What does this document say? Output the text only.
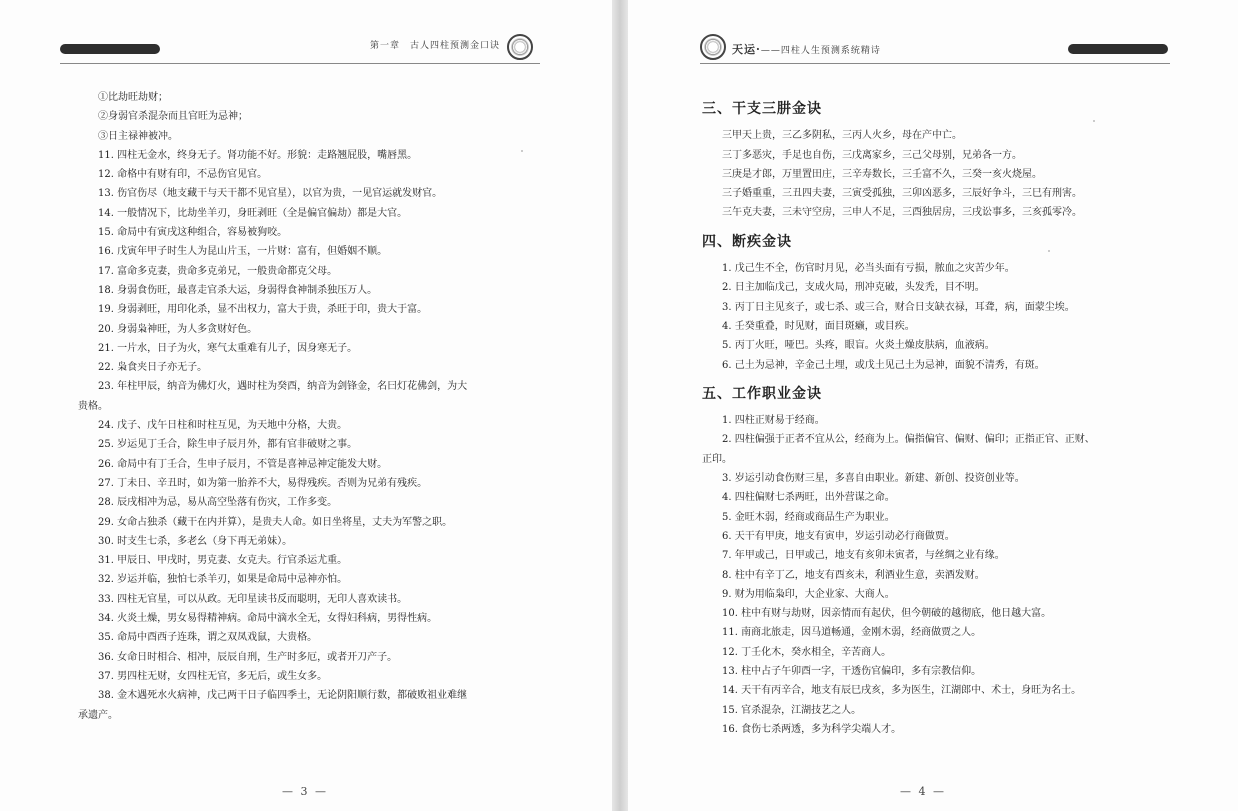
第一章　古人四柱预测金口诀

①比劫旺劫财；

②身弱官杀混杂而且官旺为忌神；

③日主禄神被冲。

11. 四柱无金水，终身无子。肾功能不好。形貌：走路翘屁股，嘴唇黑。

12. 命格中有财有印，不忌伤官见官。

13. 伤官伤尽（地支藏干与天干都不见官星），以官为贵，一见官运就发财官。

14. 一般情况下，比劫坐羊刃，身旺剥旺（全是偏官偏劫）都是大官。

15. 命局中有寅戌这种组合，容易被狗咬。

16. 戊寅年甲子时生人为昆山片玉，一片财：富有，但婚姻不顺。

17. 富命多克妻，贵命多克弟兄，一般贵命都克父母。

18. 身弱食伤旺，最喜走官杀大运，身弱得食神制杀独压万人。

19. 身弱剥旺，用印化杀，显不出权力，富大于贵，杀旺于印，贵大于富。

20. 身弱枭神旺，为人多贪财好色。

21. 一片水，日子为火，寒气太重难有儿子，因身寒无子。

22. 枭食夹日子亦无子。

23. 年柱甲辰，纳音为佛灯火，遇时柱为癸酉，纳音为剑锋金，名曰灯花佛剑，为大

贵格。

24. 戊子、戊午日柱和时柱互见，为天地中分格，大贵。

25. 岁运见丁壬合，除生申子辰月外，都有官非破财之事。

26. 命局中有丁壬合，生申子辰月，不管是喜神忌神定能发大财。

27. 丁未日、辛丑时，如为第一胎养不大，易得残疾。否则为兄弟有残疾。

28. 辰戌相冲为忌，易从高空坠落有伤灾，工作多变。

29. 女命占独杀（藏干在内并算），是贵夫人命。如日坐将星，丈夫为军警之职。

30. 时支生七杀，多老幺（身下再无弟妹）。

31. 甲辰日、甲戌时，男克妻、女克夫。行官杀运尤重。

32. 岁运并临，独怕七杀羊刃，如果是命局中忌神亦怕。

33. 四柱无官星，可以从政。无印星读书反而聪明，无印人喜欢读书。

34. 火炎土燥，男女易得精神病。命局中滴水全无，女得妇科病，男得性病。

35. 命局中酉西子连珠，谓之双凤戏鼠，大贵格。

36. 女命日时相合、相冲，辰辰自刑，生产时多厄，或者开刀产子。

37. 男四柱无财，女四柱无官，多无后，或生女多。

38. 金木遇死水火病神，戊己两干日子临四季土，无论阴阳顺行数，都破败祖业难继

承遗产。

— 3 —
天运·——四柱人生预测系统精诗
三、干支三肼金诀

三甲天上贵，三乙多阴私，三丙人火乡，母在产中亡。

三丁多恶灾，手足也自伤，三戊离家乡，三己父母别，兄弟各一方。

三庚是才郎，万里置田庄，三辛寿数长，三壬富不久，三癸一亥火烧屋。

三子婚重重，三丑四夫妻，三寅受孤独，三卯凶恶多，三辰好争斗，三巳有刑害。

三午克夫妻，三未守空房，三申人不足，三酉独居房，三戌讼事多，三亥孤零冷。

四、断疾金诀

1. 戊己生不全，伤官时月见，必当头面有亏损，脓血之灾苦少年。

2. 日主加临戊己，支成火局，刑冲克破，头发秃，目不明。

3. 丙丁日主见亥子，或七杀、或三合，财合日支缺衣禄，耳聋，病，面蒙尘埃。

4. 壬癸重叠，时见财，面目斑癞，或目疾。

5. 丙丁火旺，哑巴。头疼，眼盲。火炎土燥皮肤病，血液病。

6. 己土为忌神，辛金己土埋，或戊土见己土为忌神，面貌不清秀，有斑。

五、工作职业金诀

1. 四柱正财易于经商。

2. 四柱偏强于正者不宜从公，经商为上。偏指偏官、偏财、偏印；正指正官、正财、

正印。

3. 岁运引动食伤财三星，多喜自由职业。新建、新创、投资创业等。

4. 四柱偏财七杀两旺，出外营谋之命。

5. 金旺木弱，经商或商品生产为职业。

6. 天干有甲庚，地支有寅申，岁运引动必行商做贾。

7. 年甲或己，日甲或己，地支有亥卯未寅者，与丝绸之业有缘。

8. 柱中有辛丁乙，地支有酉亥未，利酒业生意，卖酒发财。

9. 财为用临枭印，大企业家、大商人。

10. 柱中有财与劫财，因亲情而有起伏，但今朝破的越彻底，他日越大富。

11. 南商北旅走，因马道畅通，金刚木弱，经商做贾之人。

12. 丁壬化木，癸水相全，辛苦商人。

13. 柱中占子午卯酉一字，干透伤官偏印，多有宗教信仰。

14. 天干有丙辛合，地支有辰巳戌亥，多为医生，江湖郎中、术士，身旺为名士。

15. 官杀混杂，江湖技艺之人。

16. 食伤七杀两透，多为科学尖端人才。

— 4 —
